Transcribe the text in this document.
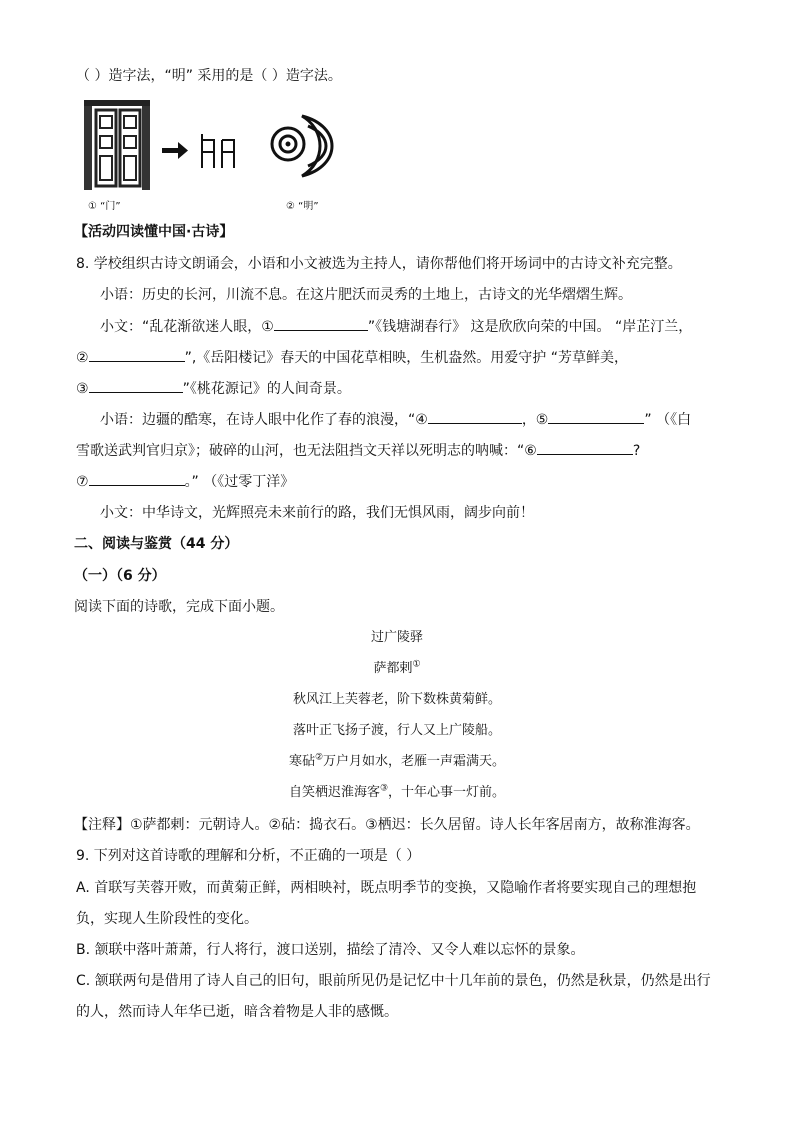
（ ）造字法，“明” 采用的是（ ）造字法。
① “门”	② “明”
【活动四读懂中国·古诗】
8. 学校组织古诗文朗诵会，小语和小文被选为主持人，请你帮他们将开场词中的古诗文补充完整。
小语：历史的长河，川流不息。在这片肥沃而灵秀的土地上，古诗文的光华熠熠生辉。
小文：“乱花渐欲迷人眼，①	”《钱塘湖春行》 这是欣欣向荣的中国。 “岸芷汀兰，
②	”,《岳阳楼记》春天的中国花草相映，生机盎然。用爱守护 “芳草鲜美，
③	”《桃花源记》的人间奇景。
小语：边疆的酷寒，在诗人眼中化作了春的浪漫，“④	，⑤	” （《白
雪歌送武判官归京》；破碎的山河，也无法阻挡文天祥以死明志的呐喊：“⑥	?
⑦	。” （《过零丁洋》
小文：中华诗文，光辉照亮未来前行的路，我们无惧风雨，阔步向前！
二、阅读与鉴赏（44 分）
（一）（6 分）
阅读下面的诗歌，完成下面小题。
过广陵驿
萨都剌①
秋风江上芙蓉老，阶下数株黄菊鲜。
落叶正飞扬子渡，行人又上广陵船。
寒砧②万户月如水，老雁一声霜满天。
自笑栖迟淮海客③，十年心事一灯前。
【注释】①萨都剌：元朝诗人。②砧：捣衣石。③栖迟：长久居留。诗人长年客居南方，故称淮海客。
9. 下列对这首诗歌的理解和分析，不正确的一项是（ ）
A. 首联写芙蓉开败，而黄菊正鲜，两相映衬，既点明季节的变换，又隐喻作者将要实现自己的理想抱
负，实现人生阶段性的变化。
B. 颔联中落叶萧萧，行人将行，渡口送别，描绘了清冷、又令人难以忘怀的景象。
C. 颔联两句是借用了诗人自己的旧句，眼前所见仍是记忆中十几年前的景色，仍然是秋景，仍然是出行
的人，然而诗人年华已逝，暗含着物是人非的感慨。
